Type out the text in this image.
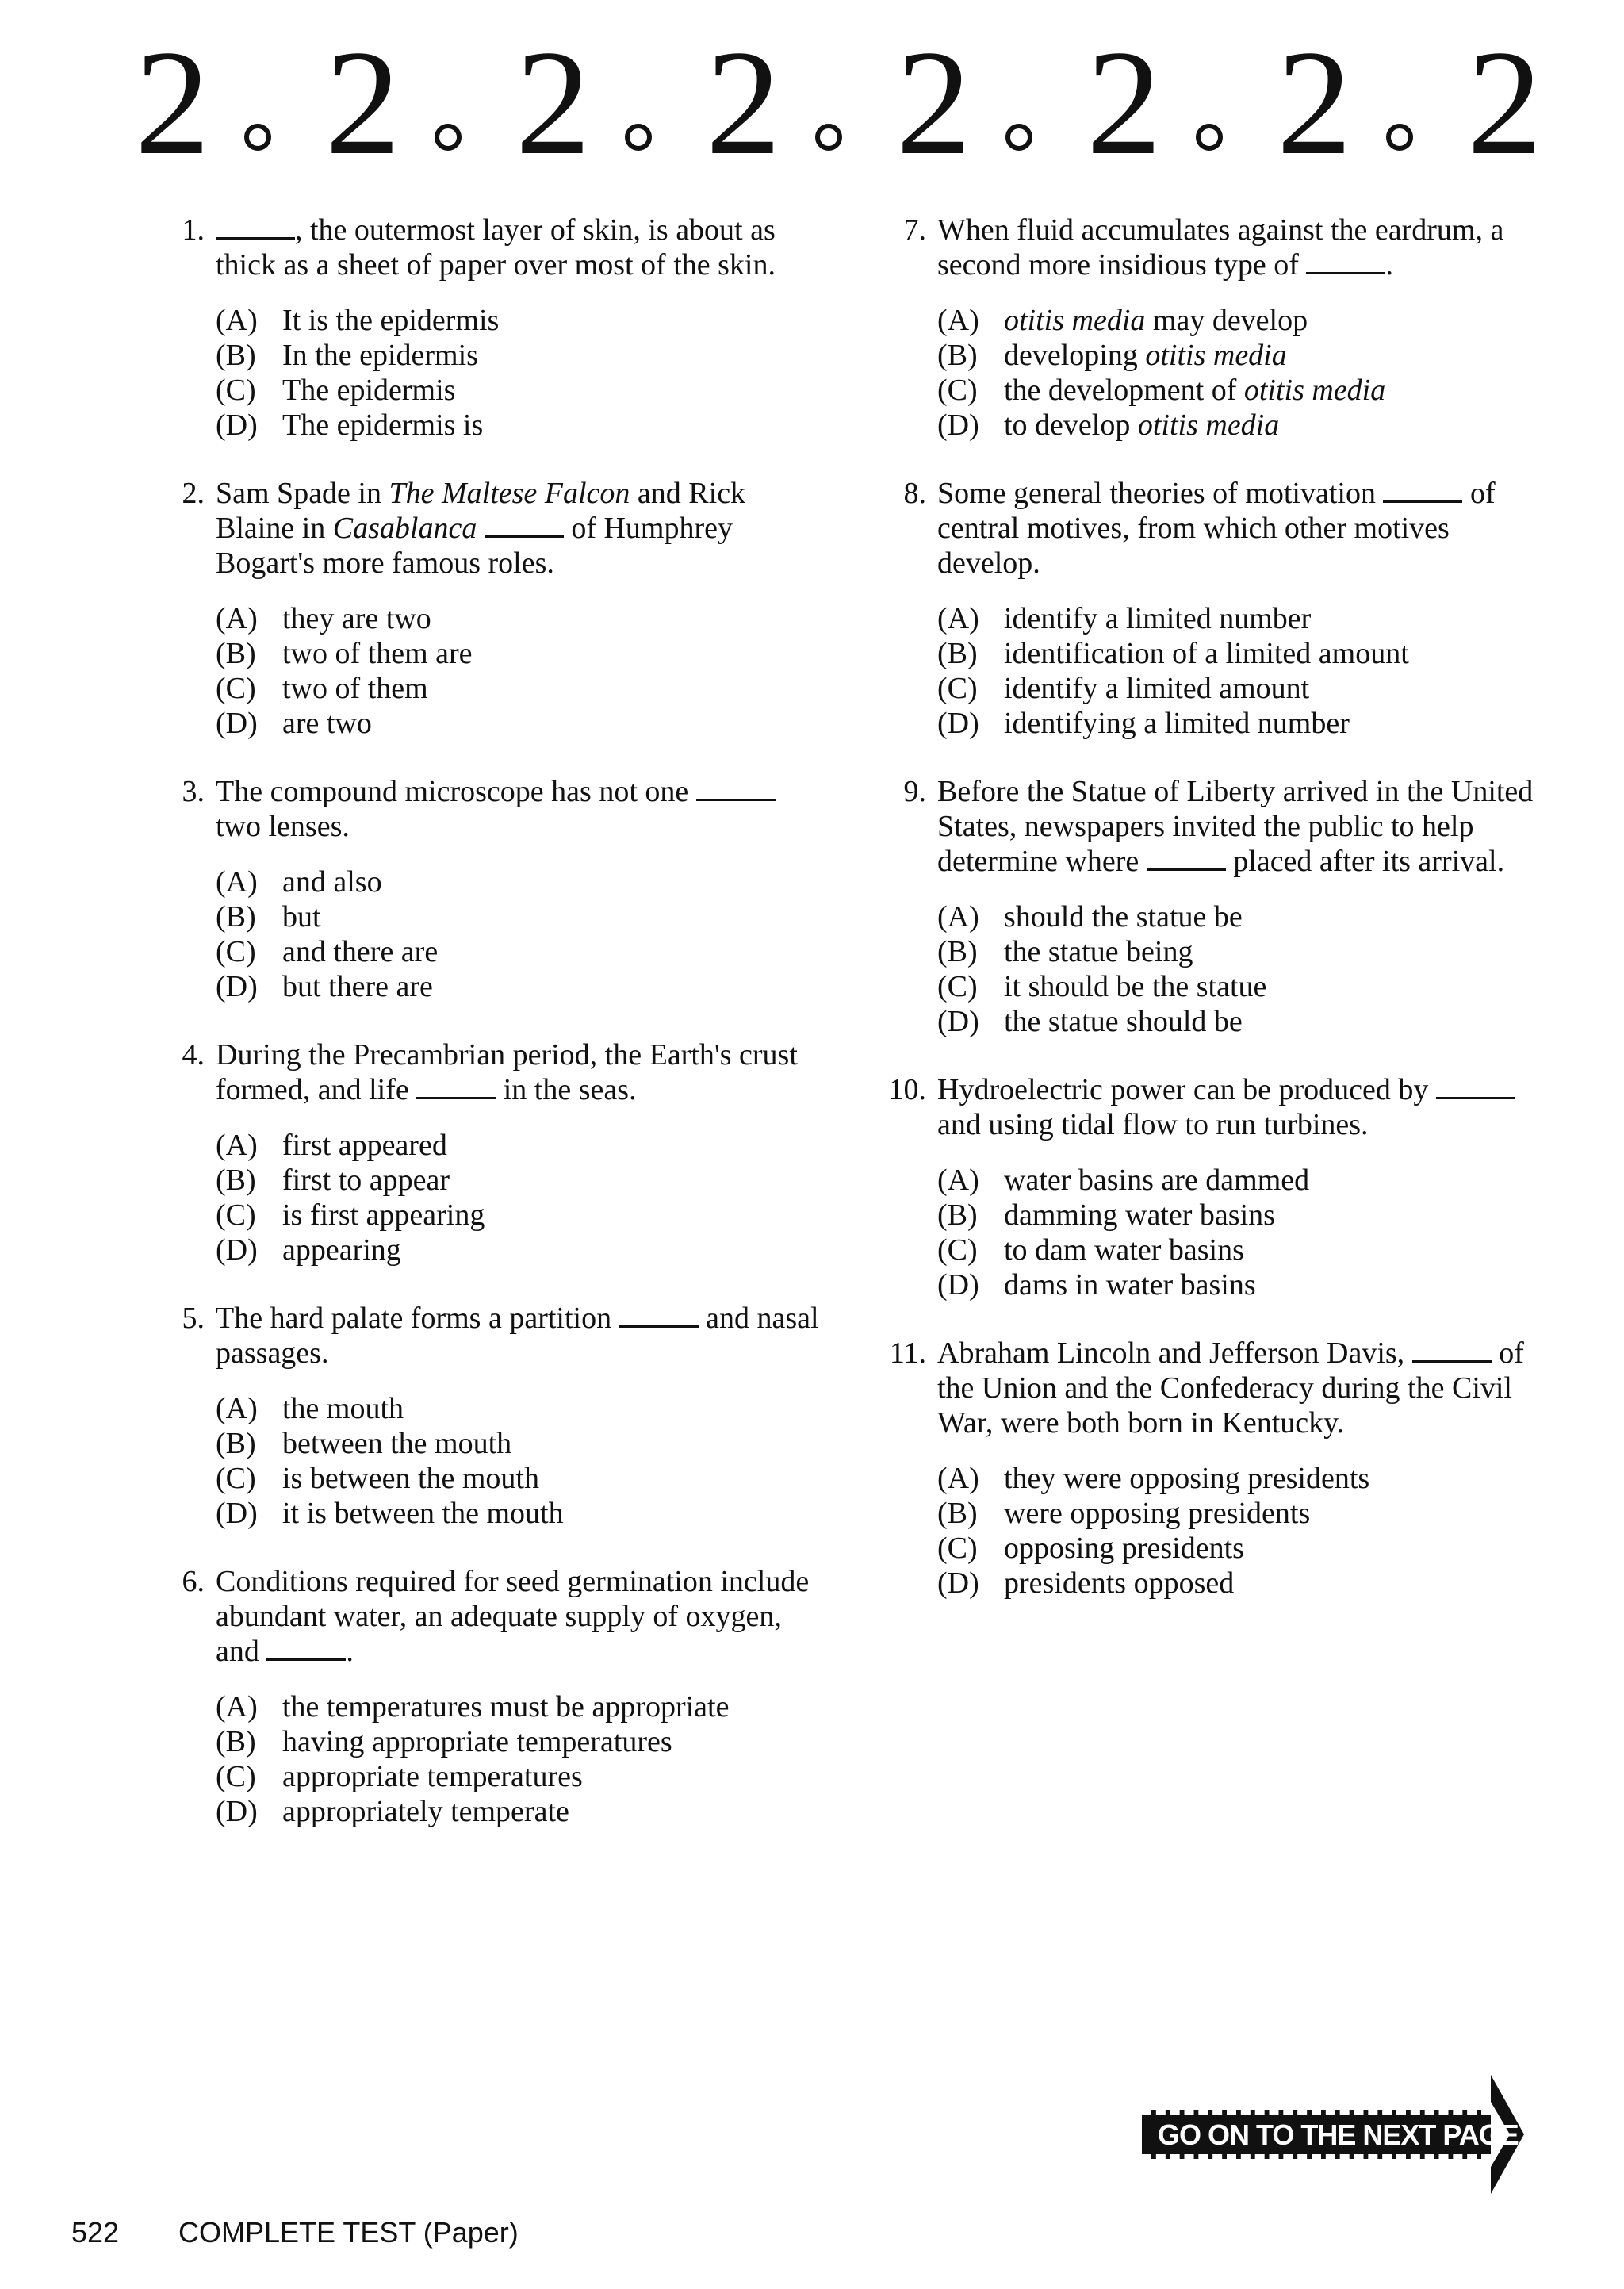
2 2 2 2 2 2 2 2
1.	, the outermost layer of skin, is about as thick as a sheet of paper over most of the skin.
(A) It is the epidermis
(B) In the epidermis
(C) The epidermis
(D) The epidermis is
2. Sam Spade in The Maltese Falcon and Rick Blaine in Casablanca	of Humphrey Bogart's more famous roles.
(A) they are two
(B) two of them are
(C) two of them
(D) are two
3. The compound microscope has not one  two lenses.
(A) and also
(B) but
(C) and there are
(D) but there are
4. During the Precambrian period, the Earth's crust formed, and life	in the seas.
(A) first appeared
(B) first to appear
(C) is first appearing
(D) appearing
5. The hard palate forms a partition	and nasal passages.
(A) the mouth
(B) between the mouth
(C) is between the mouth
(D) it is between the mouth
6. Conditions required for seed germination include abundant water, an adequate supply of oxygen, and	.
(A) the temperatures must be appropriate
(B) having appropriate temperatures
(C) appropriate temperatures
(D) appropriately temperate
7. When fluid accumulates against the eardrum, a second more insidious type of	.
(A) otitis media may develop
(B) developing otitis media
(C) the development of otitis media
(D) to develop otitis media
8. Some general theories of motivation	of central motives, from which other motives develop.
(A) identify a limited number
(B) identification of a limited amount
(C) identify a limited amount
(D) identifying a limited number
9. Before the Statue of Liberty arrived in the United States, newspapers invited the public to help determine where	placed after its arrival.
(A) should the statue be
(B) the statue being
(C) it should be the statue
(D) the statue should be
10. Hydroelectric power can be produced by  and using tidal flow to run turbines.
(A) water basins are dammed
(B) damming water basins
(C) to dam water basins
(D) dams in water basins
11. Abraham Lincoln and Jefferson Davis,	of the Union and the Confederacy during the Civil War, were both born in Kentucky.
(A) they were opposing presidents
(B) were opposing presidents
(C) opposing presidents
(D) presidents opposed
522 COMPLETE TEST (Paper)
GO ON TO THE NEXT PAGE
